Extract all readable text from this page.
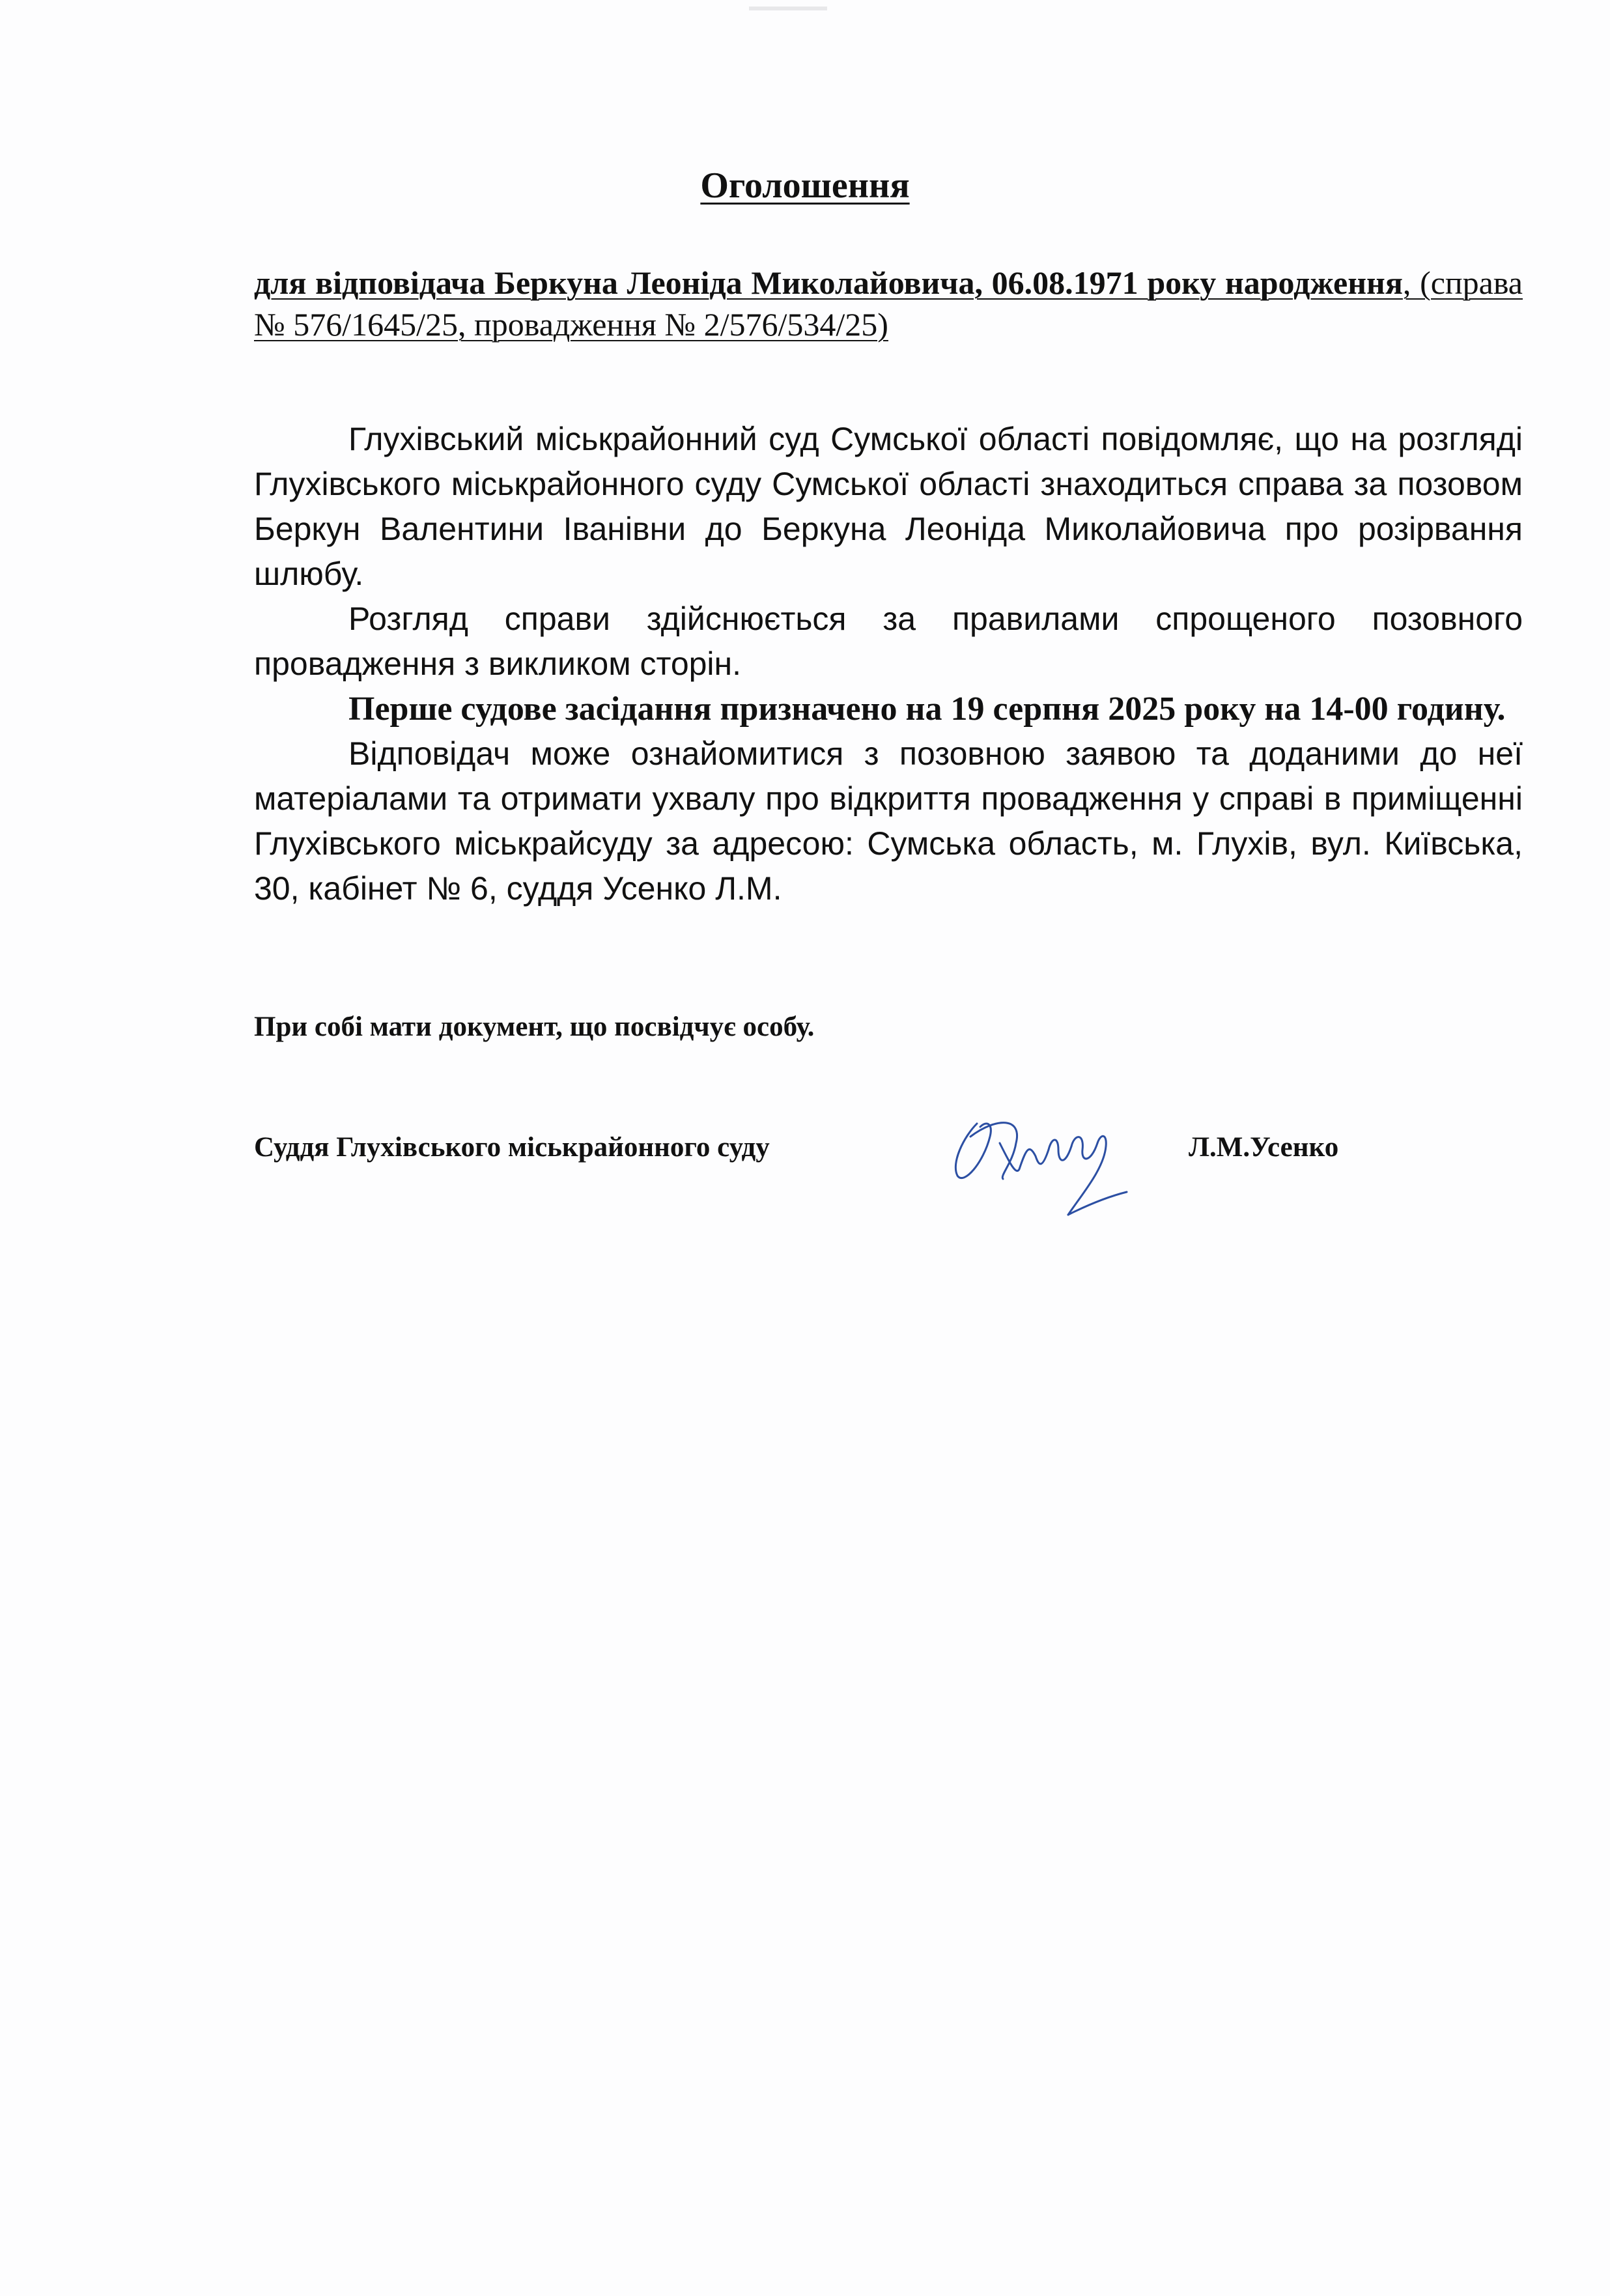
Оголошення
для відповідача Беркуна Леоніда Миколайовича, 06.08.1971 року народження, (справа № 576/1645/25, провадження № 2/576/534/25)

Глухівський міськрайонний суд Сумської області повідомляє, що на розгляді Глухівського міськрайонного суду Сумської області знаходиться справа за позовом Беркун Валентини Іванівни до Беркуна Леоніда Миколайовича про розірвання шлюбу.

Розгляд справи здійснюється за правилами спрощеного позовного провадження з викликом сторін.

Перше судове засідання призначено на 19 серпня 2025 року на 14-00 годину.

Відповідач може ознайомитися з позовною заявою та доданими до неї матеріалами та отримати ухвалу про відкриття провадження у справі в приміщенні Глухівського міськрайсуду за адресою: Сумська область, м. Глухів, вул. Київська, 30, кабінет № 6, суддя Усенко Л.М.

При собі мати документ, що посвідчує особу.
Суддя Глухівського міськрайонного суду	Л.М.Усенко
